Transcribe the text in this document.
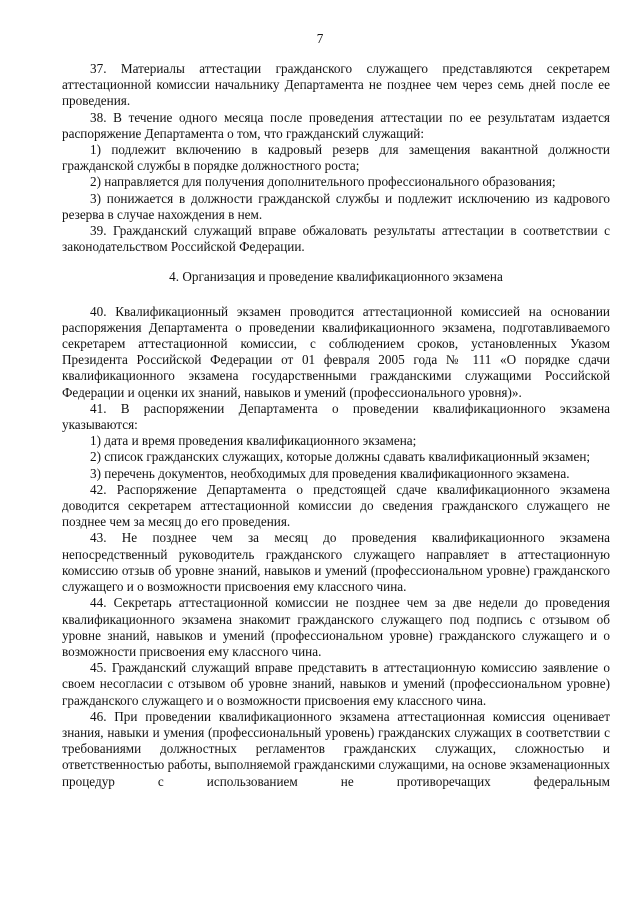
7

37. Материалы аттестации гражданского служащего представляются секретарем аттестационной комиссии начальнику Департамента не позднее чем через семь дней после ее проведения.

38. В течение одного месяца после проведения аттестации по ее результатам издается распоряжение Департамента о том, что гражданский служащий:

1) подлежит включению в кадровый резерв для замещения вакантной должности гражданской службы в порядке должностного роста;

2) направляется для получения дополнительного профессионального образования;

3) понижается в должности гражданской службы и подлежит исключению из кадрового резерва в случае нахождения в нем.

39. Гражданский служащий вправе обжаловать результаты аттестации в соответствии с законодательством Российской Федерации.

4. Организация и проведение квалификационного экзамена

40. Квалификационный экзамен проводится аттестационной комиссией на основании распоряжения Департамента о проведении квалификационного экзамена, подготавливаемого секретарем аттестационной комиссии, с соблюдением сроков, установленных Указом Президента Российской Федерации от 01 февраля 2005 года № 111 «О порядке сдачи квалификационного экзамена государственными гражданскими служащими Российской Федерации и оценки их знаний, навыков и умений (профессионального уровня)».

41. В распоряжении Департамента о проведении квалификационного экзамена указываются:

1) дата и время проведения квалификационного экзамена;

2) список гражданских служащих, которые должны сдавать квалификационный экзамен;

3) перечень документов, необходимых для проведения квалификационного экзамена.

42. Распоряжение Департамента о предстоящей сдаче квалификационного экзамена доводится секретарем аттестационной комиссии до сведения гражданского служащего не позднее чем за месяц до его проведения.

43. Не позднее чем за месяц до проведения квалификационного экзамена непосредственный руководитель гражданского служащего направляет в аттестационную комиссию отзыв об уровне знаний, навыков и умений (профессиональном уровне) гражданского служащего и о возможности присвоения ему классного чина.

44. Секретарь аттестационной комиссии не позднее чем за две недели до проведения квалификационного экзамена знакомит гражданского служащего под подпись с отзывом об уровне знаний, навыков и умений (профессиональном уровне) гражданского служащего и о возможности присвоения ему классного чина.

45. Гражданский служащий вправе представить в аттестационную комиссию заявление о своем несогласии с отзывом об уровне знаний, навыков и умений (профессиональном уровне) гражданского служащего и о возможности присвоения ему классного чина.

46. При проведении квалификационного экзамена аттестационная комиссия оценивает знания, навыки и умения (профессиональный уровень) гражданских служащих в соответствии с требованиями должностных регламентов гражданских служащих, сложностью и ответственностью работы, выполняемой гражданскими служащими, на основе экзаменационных процедур с использованием не противоречащих федеральным
